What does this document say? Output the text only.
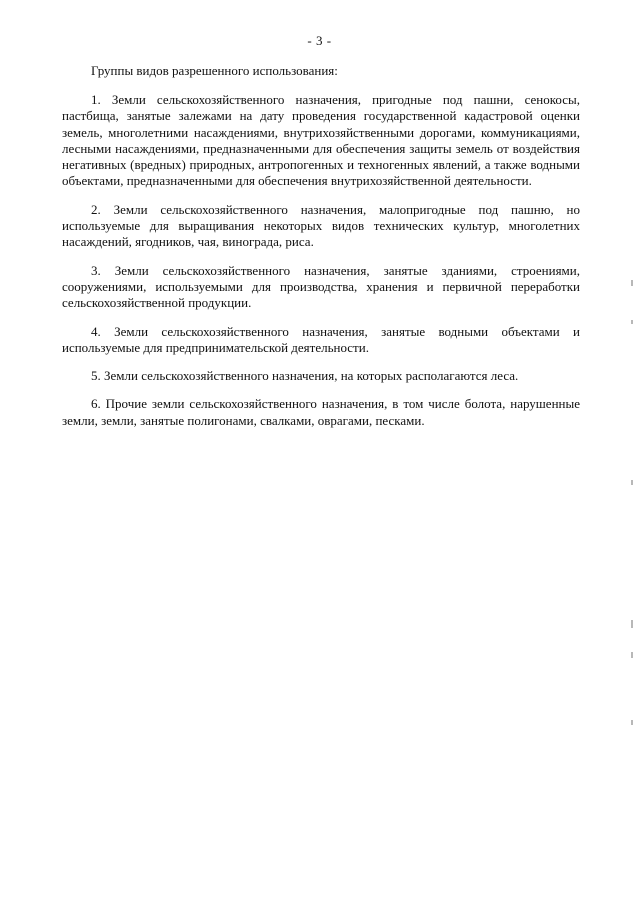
- 3 -
Группы видов разрешенного использования:

1. Земли сельскохозяйственного назначения, пригодные под пашни, сенокосы, пастбища, занятые залежами на дату проведения государственной кадастровой оценки земель, многолетними насаждениями, внутрихозяйственными дорогами, коммуникациями, лесными насаждениями, предназначенными для обеспечения защиты земель от воздействия негативных (вредных) природных, антропогенных и техногенных явлений, а также водными объектами, предназначенными для обеспечения внутрихозяйственной деятельности.

2. Земли сельскохозяйственного назначения, малопригодные под пашню, но используемые для выращивания некоторых видов технических культур, многолетних насаждений, ягодников, чая, винограда, риса.

3. Земли сельскохозяйственного назначения, занятые зданиями, строениями, сооружениями, используемыми для производства, хранения и первичной переработки сельскохозяйственной продукции.

4. Земли сельскохозяйственного назначения, занятые водными объектами и используемые для предпринимательской деятельности.

5. Земли сельскохозяйственного назначения, на которых располагаются леса.

6. Прочие земли сельскохозяйственного назначения, в том числе болота, нарушенные земли, земли, занятые полигонами, свалками, оврагами, песками.
